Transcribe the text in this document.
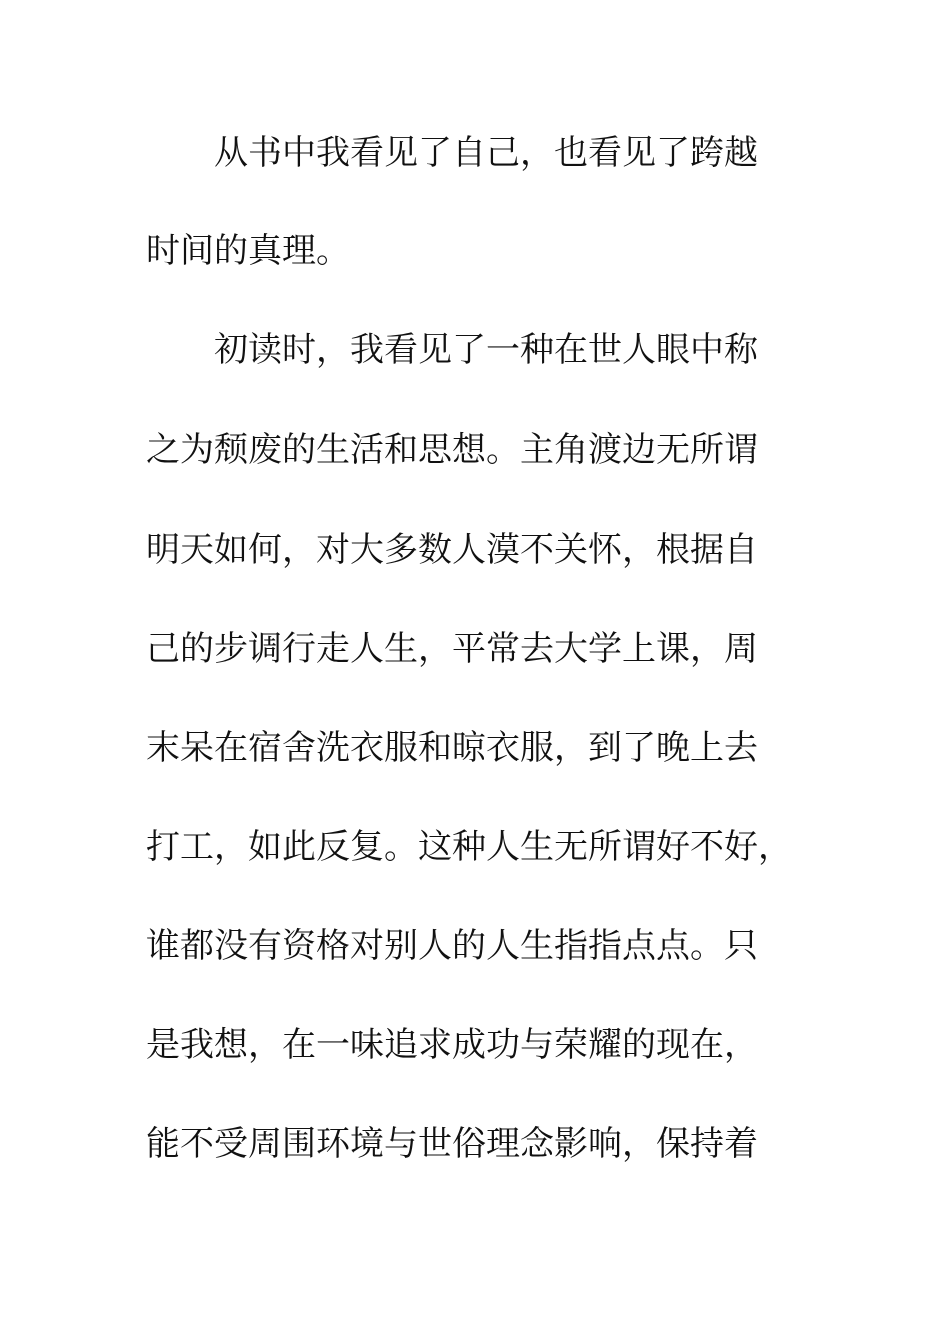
从书中我看见了自己，也看见了跨越
时间的真理。
初读时，我看见了一种在世人眼中称
之为颓废的生活和思想。主角渡边无所谓
明天如何，对大多数人漠不关怀，根据自
己的步调行走人生，平常去大学上课，周
末呆在宿舍洗衣服和晾衣服，到了晚上去
打工，如此反复。这种人生无所谓好不好，
谁都没有资格对别人的人生指指点点。只
是我想，在一味追求成功与荣耀的现在，
能不受周围环境与世俗理念影响，保持着
